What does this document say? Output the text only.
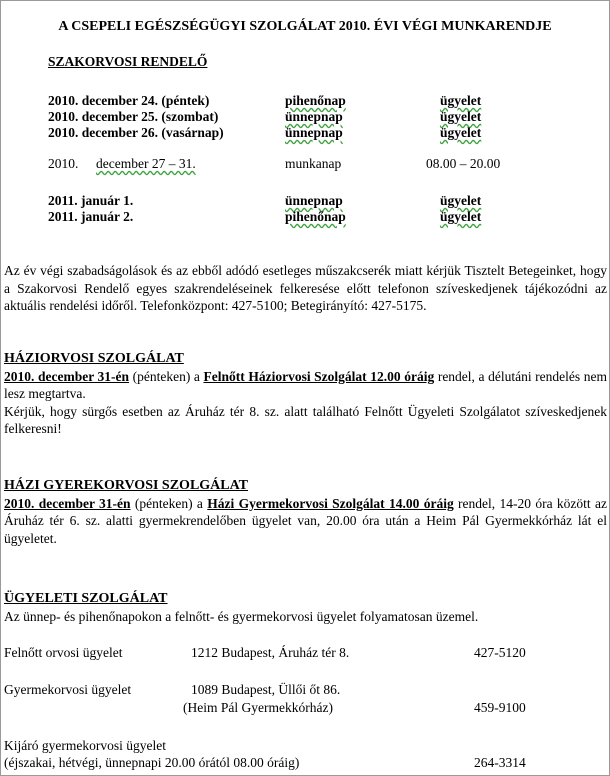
A CSEPELI EGÉSZSÉGÜGYI SZOLGÁLAT 2010. ÉVI VÉGI MUNKARENDJE
SZAKORVOSI RENDELŐ
2010. december 24. (péntek)	pihenőnap	ügyelet
2010. december 25. (szombat)	ünnepnap	ügyelet
2010. december 26. (vasárnap)	ünnepnap	ügyelet
2010. december 27 – 31.	munkanap	08.00 – 20.00
2011. január 1.	ünnepnap	ügyelet
2011. január 2.	pihenőnap	ügyelet

Az év végi szabadságolások és az ebből adódó esetleges műszakcserék miatt kérjük Tisztelt Betegeinket, hogy a Szakorvosi Rendelő egyes szakrendeléseinek felkeresése előtt telefonon szíveskedjenek tájékozódni az aktuális rendelési időről. Telefonközpont: 427-5100; Betegirányító: 427-5175.

HÁZIORVOSI SZOLGÁLAT

2010. december 31-én (pénteken) a Felnőtt Háziorvosi Szolgálat 12.00 óráig rendel, a délutáni rendelés nem lesz megtartva.

Kérjük, hogy sürgős esetben az Áruház tér 8. sz. alatt található Felnőtt Ügyeleti Szolgálatot szíveskedjenek felkeresni!

HÁZI GYEREKORVOSI SZOLGÁLAT

2010. december 31-én (pénteken) a Házi Gyermekorvosi Szolgálat 14.00 óráig rendel, 14-20 óra között az Áruház tér 6. sz. alatti gyermekrendelőben ügyelet van, 20.00 óra után a Heim Pál Gyermekkórház lát el ügyeletet.

ÜGYELETI SZOLGÁLAT

Az ünnep- és pihenőnapokon a felnőtt- és gyermekorvosi ügyelet folyamatosan üzemel.

Felnőtt orvosi ügyelet	1212 Budapest, Áruház tér 8.	427-5120
Gyermekorvosi ügyelet	1089 Budapest, Üllői őt 86.
(Heim Pál Gyermekkórház)	459-9100
Kijáró gyermekorvosi ügyelet
(éjszakai, hétvégi, ünnepnapi 20.00 órától 08.00 óráig)	264-3314
